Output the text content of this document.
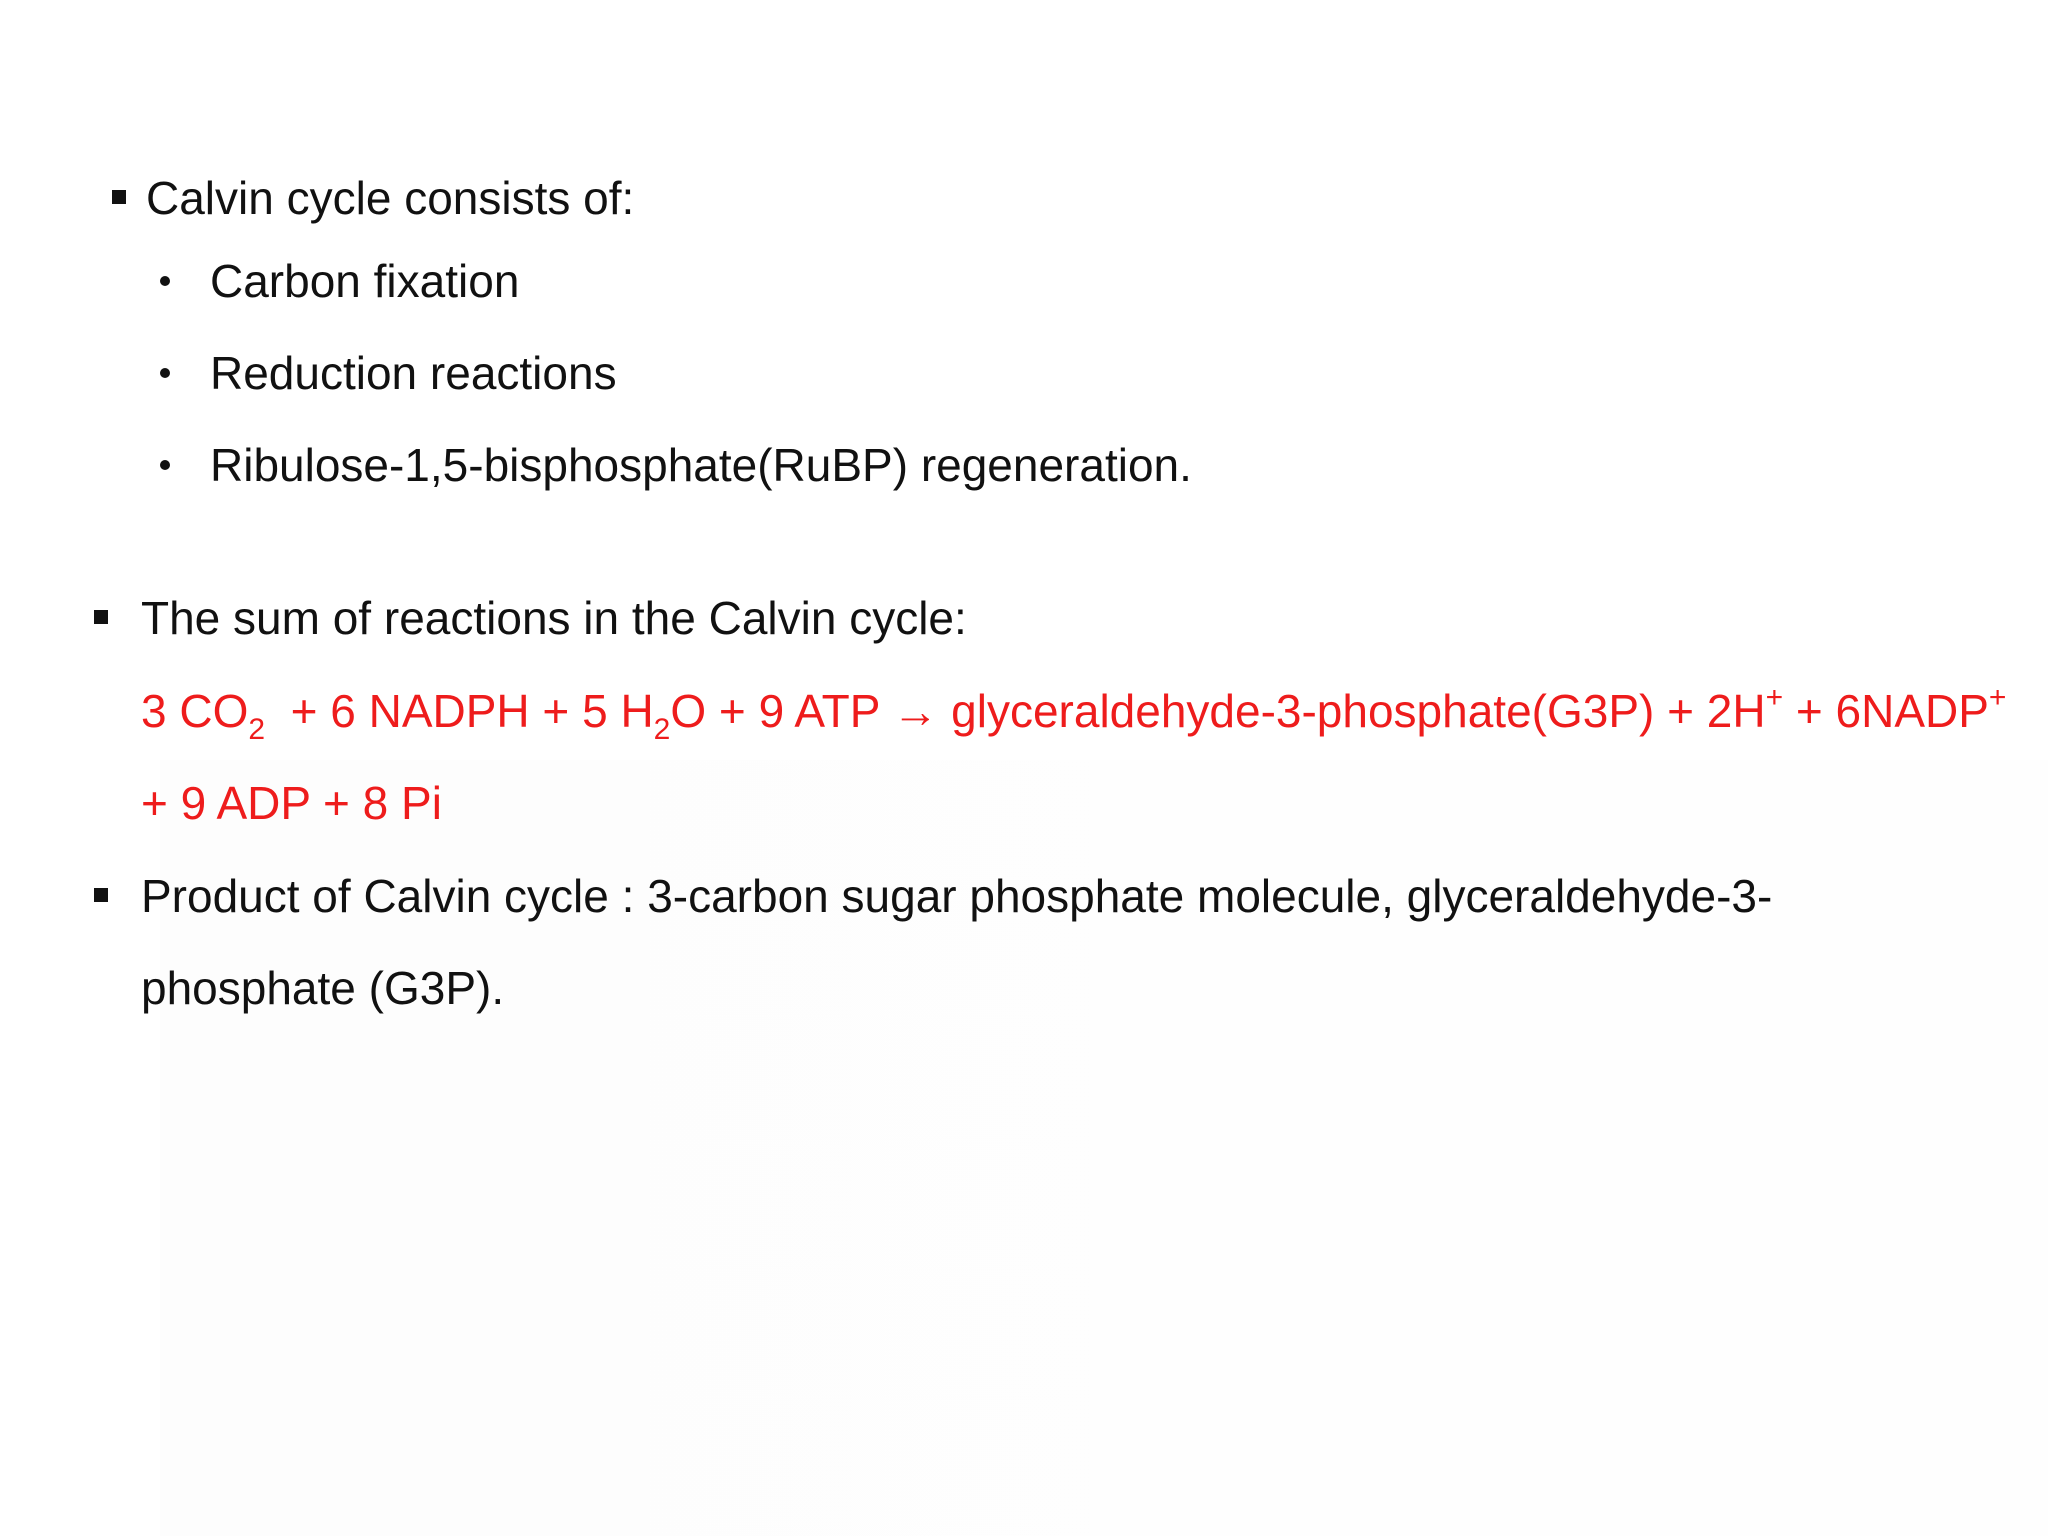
Calvin cycle consists of:
Carbon fixation
Reduction reactions
Ribulose-1,5-bisphosphate(RuBP) regeneration.
The sum of reactions in the Calvin cycle:
3 $CO_2 + 6$ NADPH + 5 $H_2O + 9$ ATP → glyceraldehyde-3-phosphate(G3P) + 2H+ + 6NADP+
+ 9 ADP + 8 Pi
Product of Calvin cycle : 3-carbon sugar phosphate molecule, glyceraldehyde-3-
phosphate (G3P).
